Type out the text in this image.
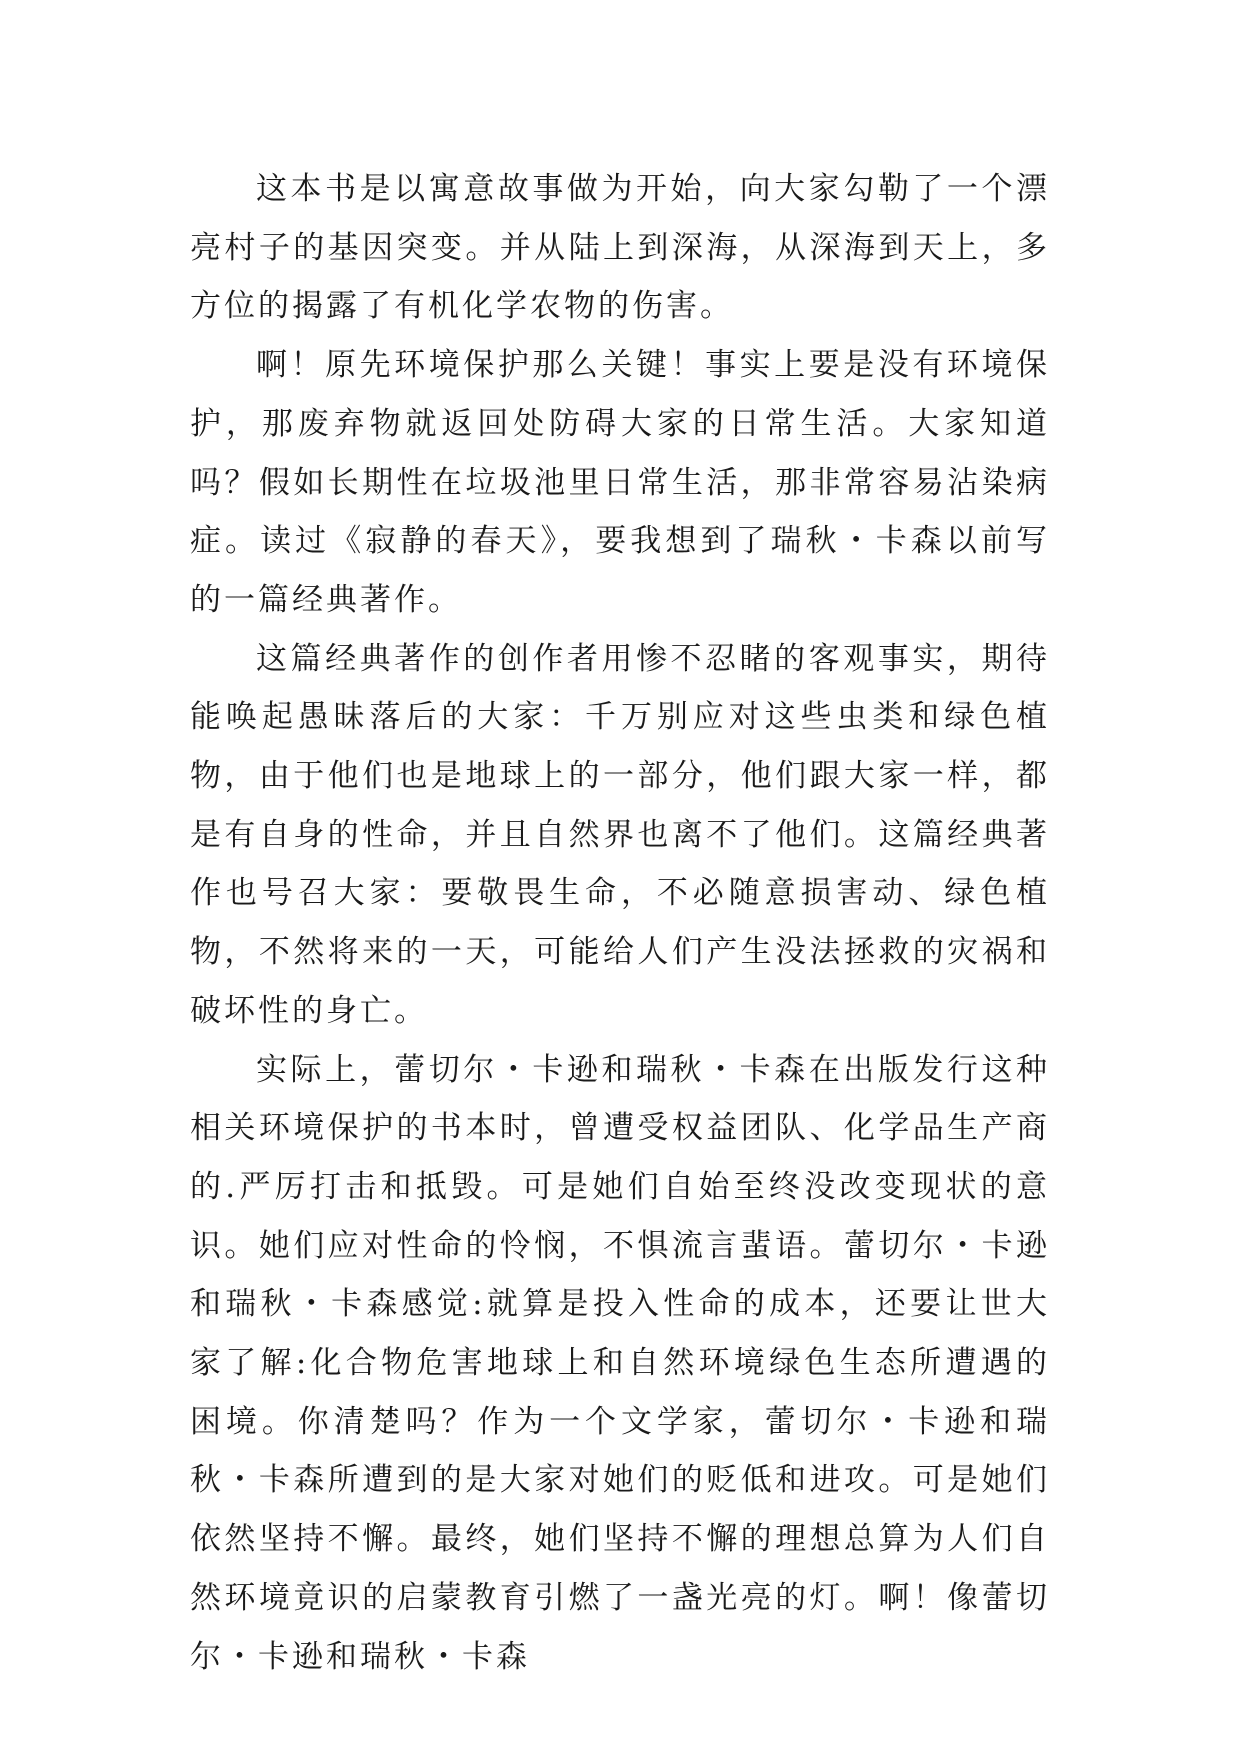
这本书是以寓意故事做为开始，向大家勾勒了一个漂亮村子的基因突变。并从陆上到深海，从深海到天上，多方位的揭露了有机化学农物的伤害。

啊！原先环境保护那么关键！事实上要是没有环境保护，那废弃物就返回处防碍大家的日常生活。大家知道吗？假如长期性在垃圾池里日常生活，那非常容易沾染病症。读过《寂静的春天》，要我想到了瑞秋・卡森以前写的一篇经典著作。

这篇经典著作的创作者用惨不忍睹的客观事实，期待能唤起愚昧落后的大家：千万别应对这些虫类和绿色植物，由于他们也是地球上的一部分，他们跟大家一样，都是有自身的性命，并且自然界也离不了他们。这篇经典著作也号召大家：要敬畏生命，不必随意损害动、绿色植物，不然将来的一天，可能给人们产生没法拯救的灾祸和破坏性的身亡。

实际上，蕾切尔・卡逊和瑞秋・卡森在出版发行这种相关环境保护的书本时，曾遭受权益团队、化学品生产商的.严厉打击和抵毁。可是她们自始至终没改变现状的意识。她们应对性命的怜悯，不惧流言蜚语。蕾切尔・卡逊和瑞秋・卡森感觉:就算是投入性命的成本，还要让世大家了解:化合物危害地球上和自然环境绿色生态所遭遇的困境。你清楚吗？作为一个文学家，蕾切尔・卡逊和瑞秋・卡森所遭到的是大家对她们的贬低和进攻。可是她们依然坚持不懈。最终，她们坚持不懈的理想总算为人们自然环境竟识的启蒙教育引燃了一盏光亮的灯。啊！像蕾切尔・卡逊和瑞秋・卡森
